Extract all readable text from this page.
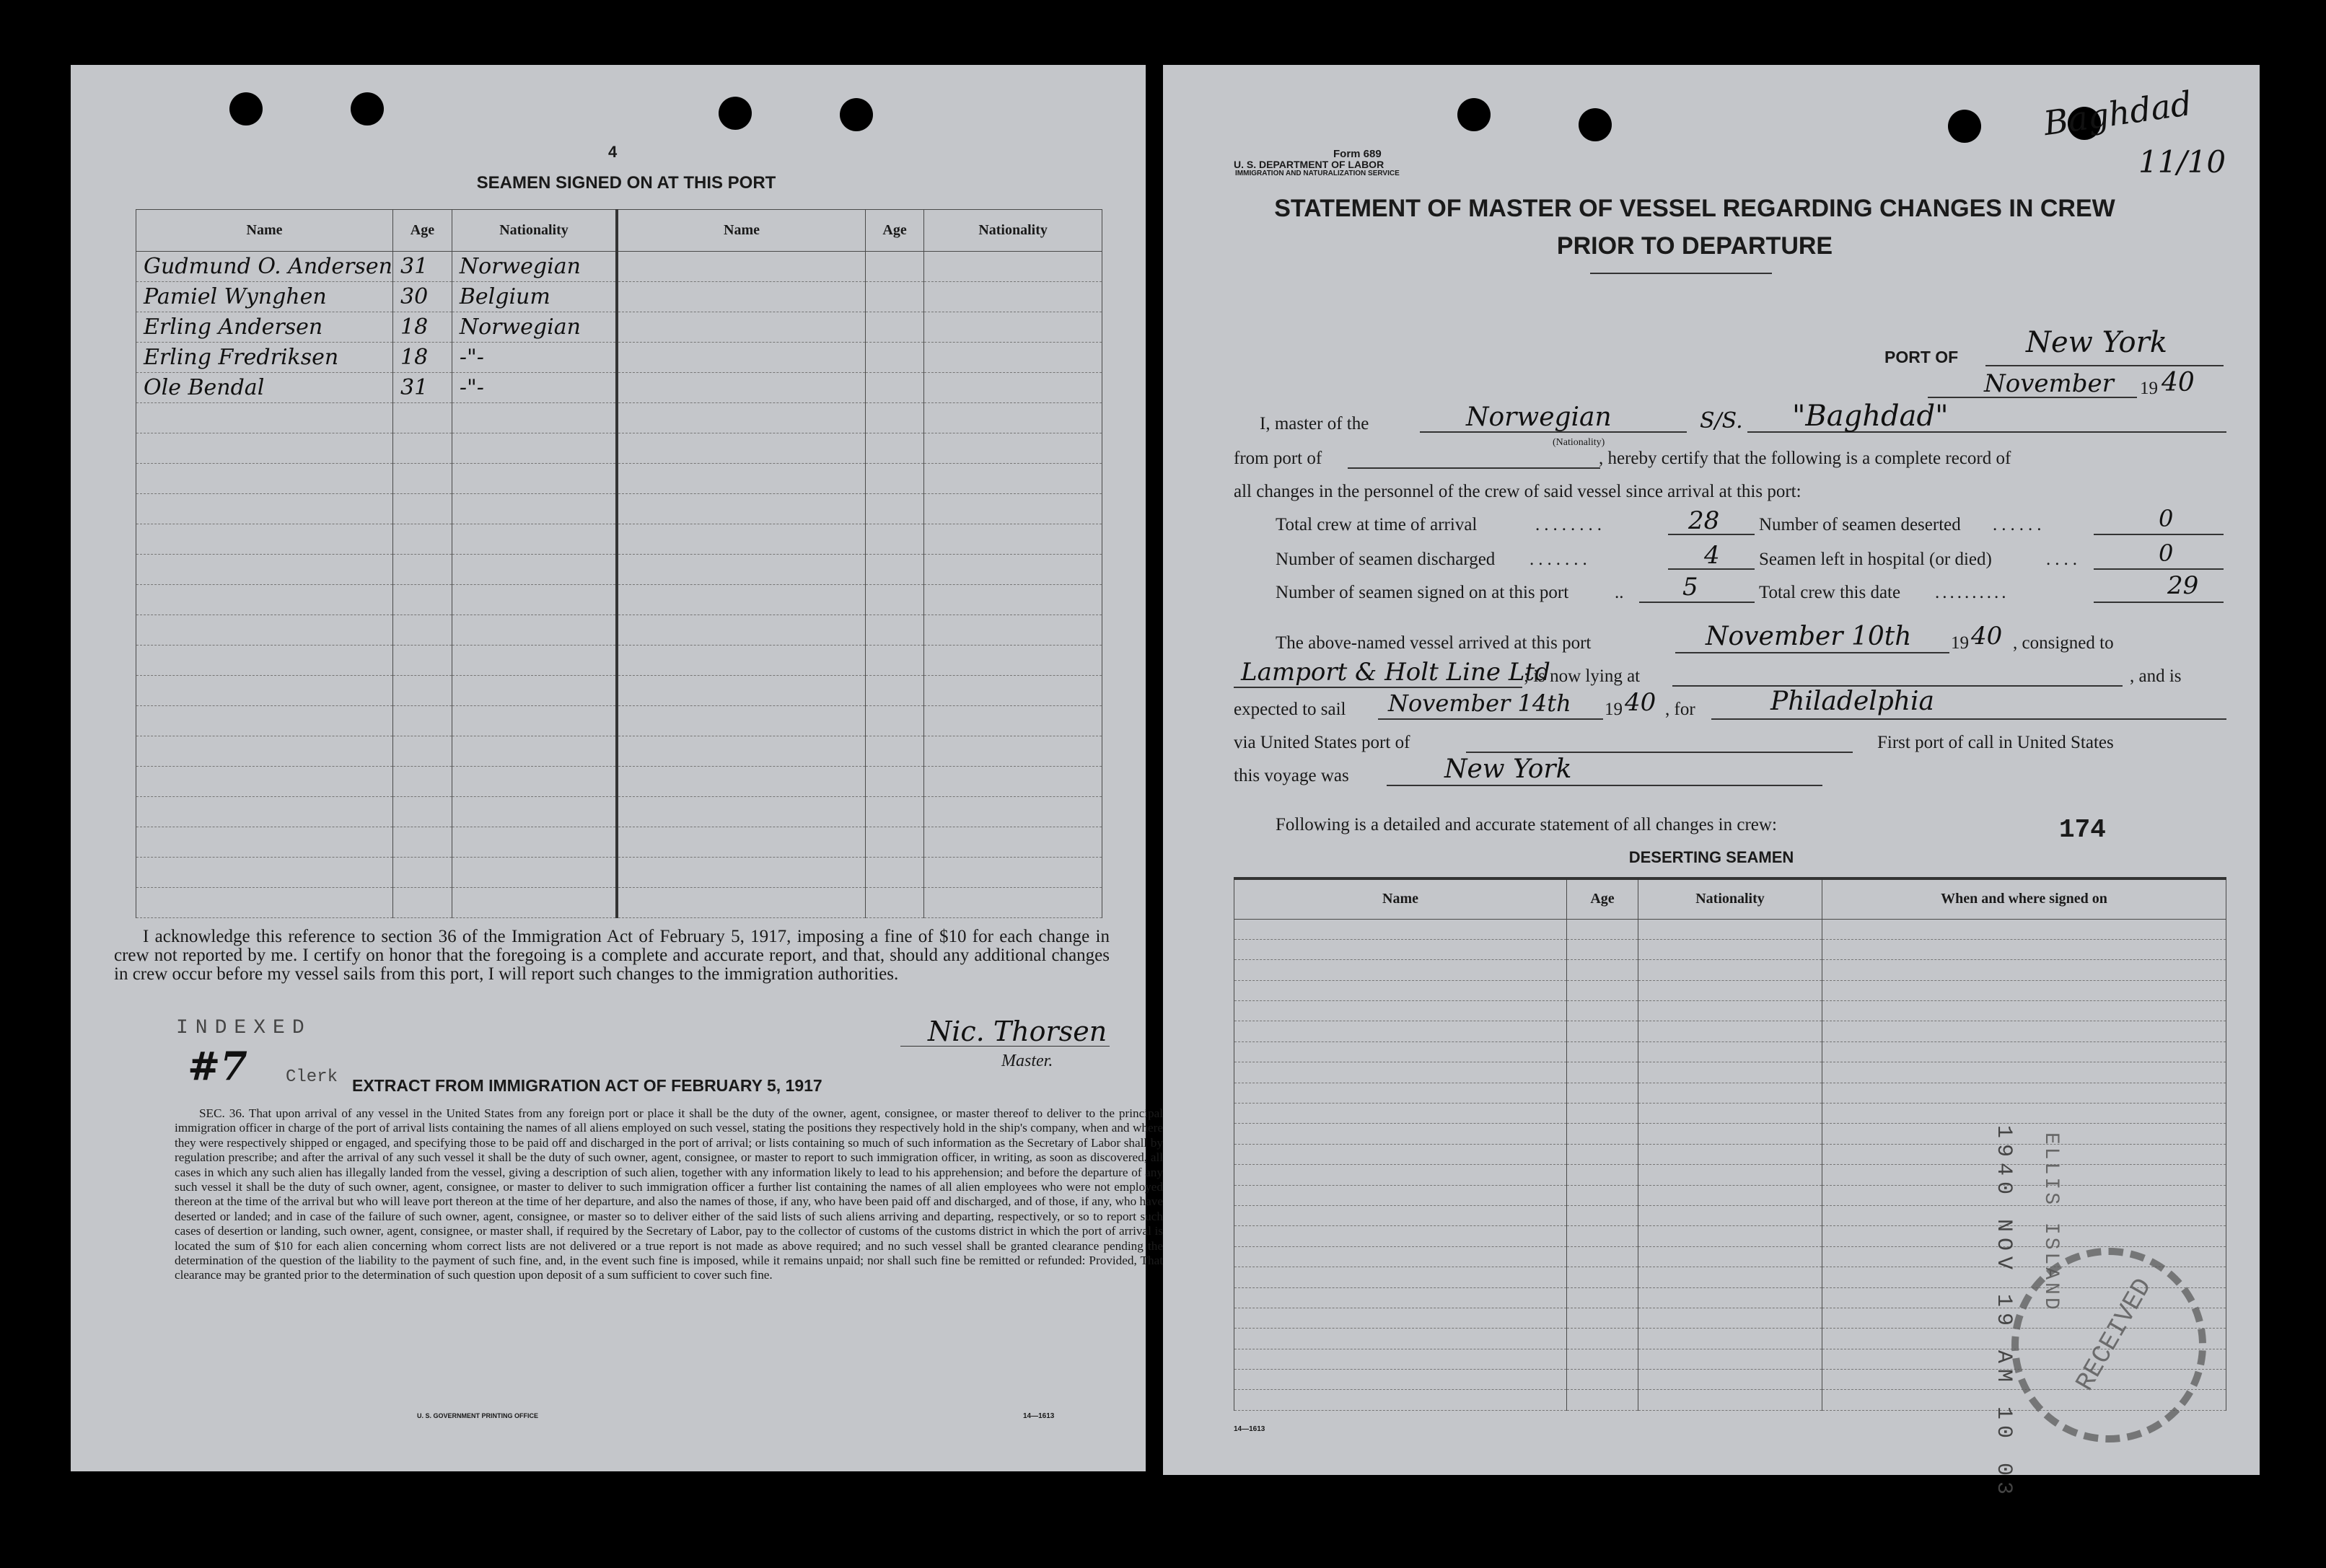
4
SEAMEN SIGNED ON AT THIS PORT
Name	Age	Nationality	Name	Age	Nationality
Gudmund O. Andersen	31	Norwegian			
Pamiel Wynghen	30	Belgium			
Erling Andersen	18	Norwegian			
Erling Fredriksen	18	-"-			
Ole Bendal	31	-"-			

I acknowledge this reference to section 36 of the Immigration Act of February 5, 1917, imposing a fine of $10 for each change in crew not reported by me. I certify on honor that the foregoing is a complete and accurate report, and that, should any additional changes in crew occur before my vessel sails from this port, I will report such changes to the immigration authorities.
INDEXED
#7 Clerk
Nic. Thorsen
Master.
EXTRACT FROM IMMIGRATION ACT OF FEBRUARY 5, 1917
SEC. 36. That upon arrival of any vessel in the United States from any foreign port or place it shall be the duty of the owner, agent, consignee, or master thereof to deliver to the principal immigration officer in charge of the port of arrival lists containing the names of all aliens employed on such vessel, stating the positions they respectively hold in the ship's company, when and where they were respectively shipped or engaged, and specifying those to be paid off and discharged in the port of arrival; or lists containing so much of such information as the Secretary of Labor shall by regulation prescribe; and after the arrival of any such vessel it shall be the duty of such owner, agent, consignee, or master to report to such immigration officer, in writing, as soon as discovered, all cases in which any such alien has illegally landed from the vessel, giving a description of such alien, together with any information likely to lead to his apprehension; and before the departure of any such vessel it shall be the duty of such owner, agent, consignee, or master to deliver to such immigration officer a further list containing the names of all alien employees who were not employed thereon at the time of the arrival but who will leave port thereon at the time of her departure, and also the names of those, if any, who have been paid off and discharged, and of those, if any, who have deserted or landed; and in case of the failure of such owner, agent, consignee, or master so to deliver either of the said lists of such aliens arriving and departing, respectively, or so to report such cases of desertion or landing, such owner, agent, consignee, or master shall, if required by the Secretary of Labor, pay to the collector of customs of the customs district in which the port of arrival is located the sum of $10 for each alien concerning whom correct lists are not delivered or a true report is not made as above required; and no such vessel shall be granted clearance pending the determination of the question of the liability to the payment of such fine, and, in the event such fine is imposed, while it remains unpaid; nor shall such fine be remitted or refunded: Provided, That clearance may be granted prior to the determination of such question upon deposit of a sum sufficient to cover such fine.
U. S. GOVERNMENT PRINTING OFFICE	14—1613
Baghdad
11/10
Form 689
U. S. DEPARTMENT OF LABOR
IMMIGRATION AND NATURALIZATION SERVICE
STATEMENT OF MASTER OF VESSEL REGARDING CHANGES IN CREW
PRIOR TO DEPARTURE
PORT OF New York
November 19 40
I, master of the	Norwegian
(Nationality)
S/S. "Baghdad"
from port of	, hereby certify that the following is a complete record of
all changes in the personnel of the crew of said vessel since arrival at this port:
Total crew at time of arrival	........	28 Number of seamen deserted ......	0
Number of seamen discharged .......	4 Seamen left in hospital (or died)	....	0
Number of seamen signed on at this port	.. 5	Total crew this date ..........	29
The above-named vessel arrived at this port	November 10th 19 40 , consigned to
Lamport & Holt Line Ltd
; is now lying at	, and is
expected to sail November 14th 19 40 , for	Philadelphia
via United States port of	First port of call in United States
this voyage was	New York
Following is a detailed and accurate statement of all changes in crew:
DESERTING SEAMEN
174
Name	Age	Nationality	When and where signed on

1940 NOV 19 AM 10 03 ELLIS ISLAND
RECEIVED
14—1613
